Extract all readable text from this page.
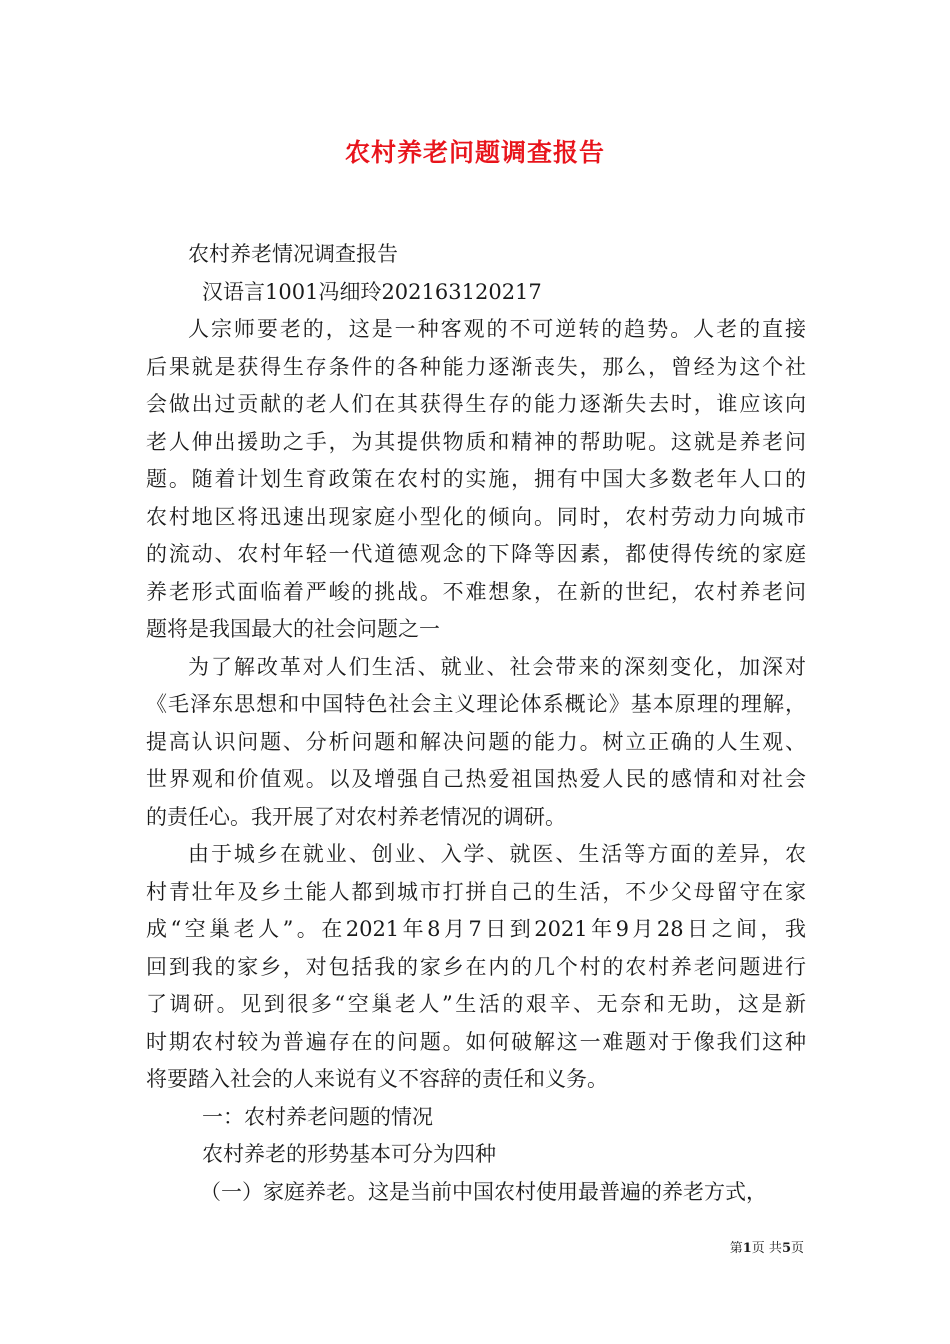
农村养老问题调查报告
农村养老情况调查报告
汉语言1001冯细玲202163120217
人宗师要老的，这是一种客观的不可逆转的趋势。人老的直接
后果就是获得生存条件的各种能力逐渐丧失，那么，曾经为这个社
会做出过贡献的老人们在其获得生存的能力逐渐失去时，谁应该向
老人伸出援助之手，为其提供物质和精神的帮助呢。这就是养老问
题。随着计划生育政策在农村的实施，拥有中国大多数老年人口的
农村地区将迅速出现家庭小型化的倾向。同时，农村劳动力向城市
的流动、农村年轻一代道德观念的下降等因素，都使得传统的家庭
养老形式面临着严峻的挑战。不难想象，在新的世纪，农村养老问
题将是我国最大的社会问题之一
为了解改革对人们生活、就业、社会带来的深刻变化，加深对
《毛泽东思想和中国特色社会主义理论体系概论》基本原理的理解，
提高认识问题、分析问题和解决问题的能力。树立正确的人生观、
世界观和价值观。以及增强自己热爱祖国热爱人民的感情和对社会
的责任心。我开展了对农村养老情况的调研。
由于城乡在就业、创业、入学、就医、生活等方面的差异，农
村青壮年及乡土能人都到城市打拼自己的生活，不少父母留守在家
成“空巢老人”。在2021年8月7日到2021年9月28日之间，我
回到我的家乡，对包括我的家乡在内的几个村的农村养老问题进行
了调研。见到很多“空巢老人”生活的艰辛、无奈和无助，这是新
时期农村较为普遍存在的问题。如何破解这一难题对于像我们这种
将要踏入社会的人来说有义不容辞的责任和义务。
一：农村养老问题的情况
农村养老的形势基本可分为四种
（一）家庭养老。这是当前中国农村使用最普遍的养老方式，
第1页 共5页
